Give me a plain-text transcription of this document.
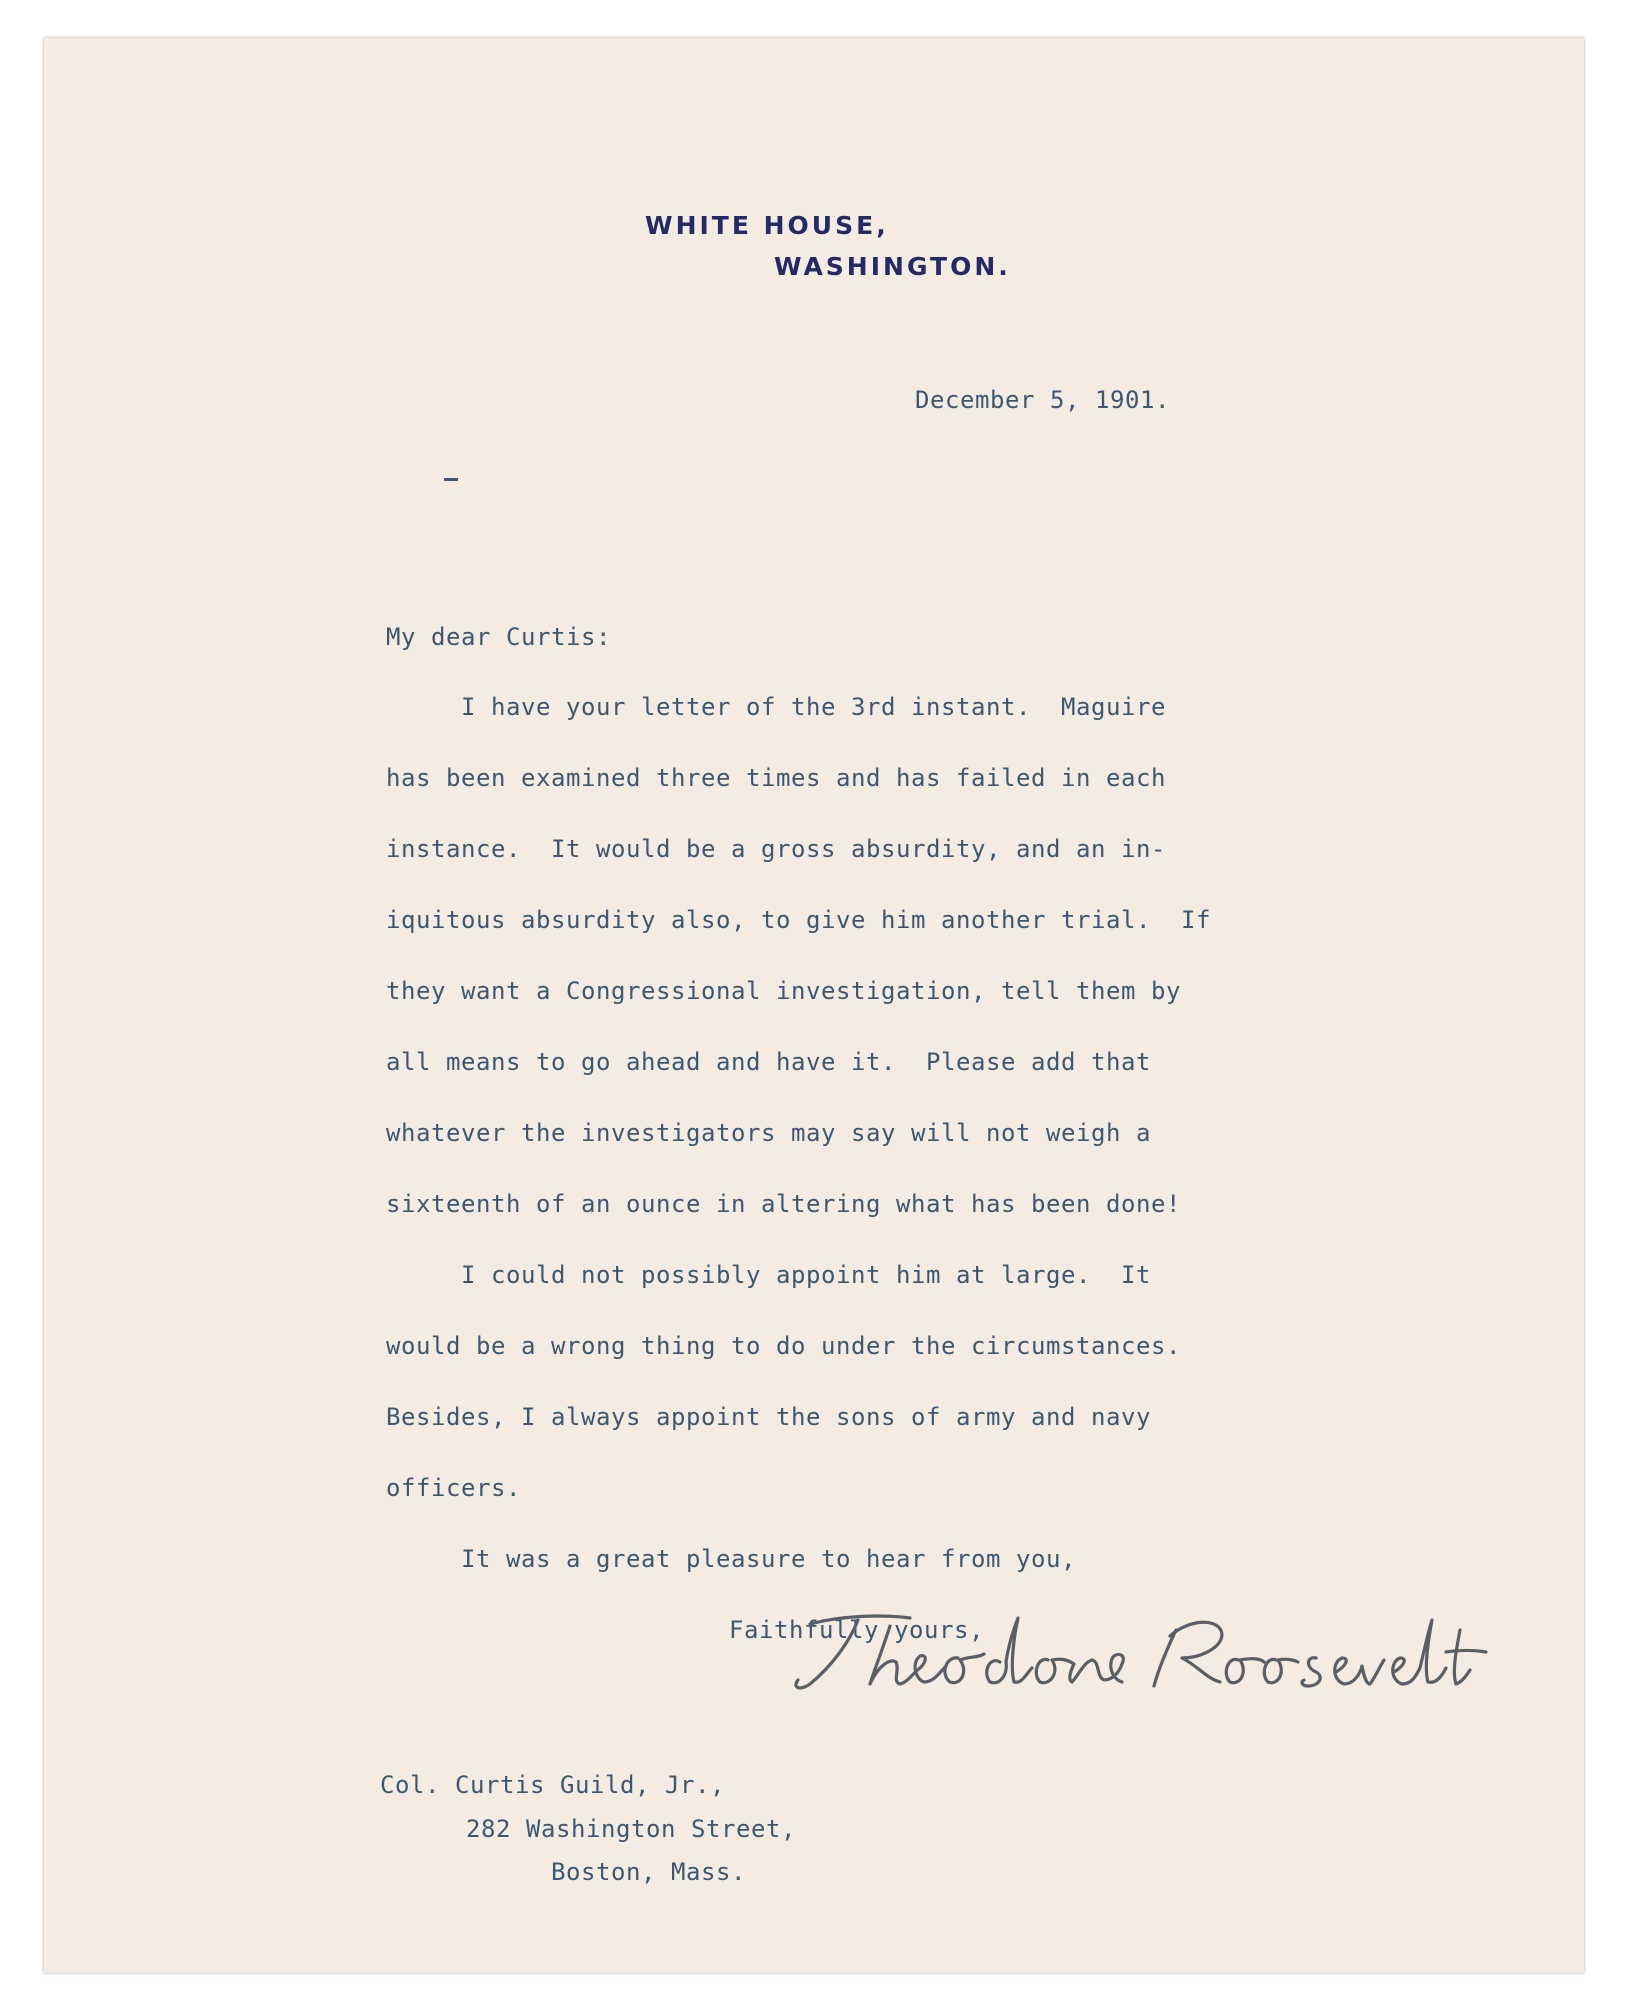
WHITE HOUSE,
WASHINGTON.
December 5, 1901.
My dear Curtis:
I have your letter of the 3rd instant.  Maguire
has been examined three times and has failed in each
instance.  It would be a gross absurdity, and an in-
iquitous absurdity also, to give him another trial.  If
they want a Congressional investigation, tell them by
all means to go ahead and have it.  Please add that
whatever the investigators may say will not weigh a
sixteenth of an ounce in altering what has been done!
I could not possibly appoint him at large.  It
would be a wrong thing to do under the circumstances.
Besides, I always appoint the sons of army and navy
officers.
It was a great pleasure to hear from you,
Faithfully yours,
Col. Curtis Guild, Jr.,
282 Washington Street,
Boston, Mass.
